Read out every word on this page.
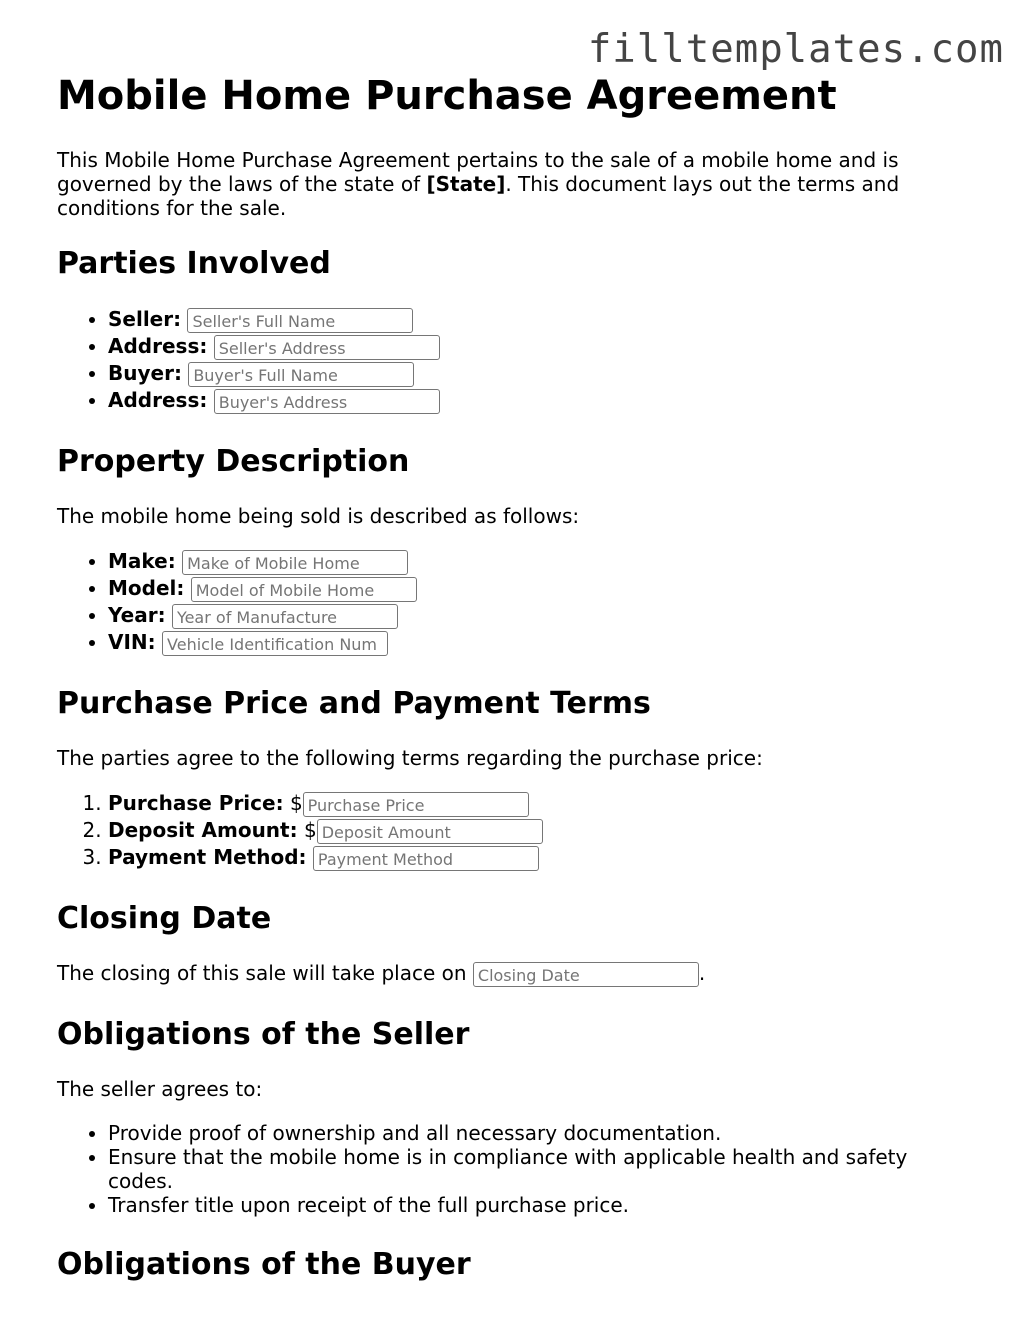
filltemplates.com
Mobile Home Purchase Agreement

This Mobile Home Purchase Agreement pertains to the sale of a mobile home and is governed by the laws of the state of [State]. This document lays out the terms and conditions for the sale.

Parties Involved
• Seller: Seller's Full Name
• Address: Seller's Address
• Buyer: Buyer's Full Name
• Address: Buyer's Address
Property Description

The mobile home being sold is described as follows:

• Make: Make of Mobile Home
• Model: Model of Mobile Home
• Year: Year of Manufacture
• VIN: Vehicle Identification Num
Purchase Price and Payment Terms

The parties agree to the following terms regarding the purchase price:

1. Purchase Price: $Purchase Price
2. Deposit Amount: $Deposit Amount
3. Payment Method: Payment Method
Closing Date

The closing of this sale will take place on Closing Date	.

Obligations of the Seller

The seller agrees to:

• Provide proof of ownership and all necessary documentation.
• Ensure that the mobile home is in compliance with applicable health and safety codes.
• Transfer title upon receipt of the full purchase price.
Obligations of the Buyer
